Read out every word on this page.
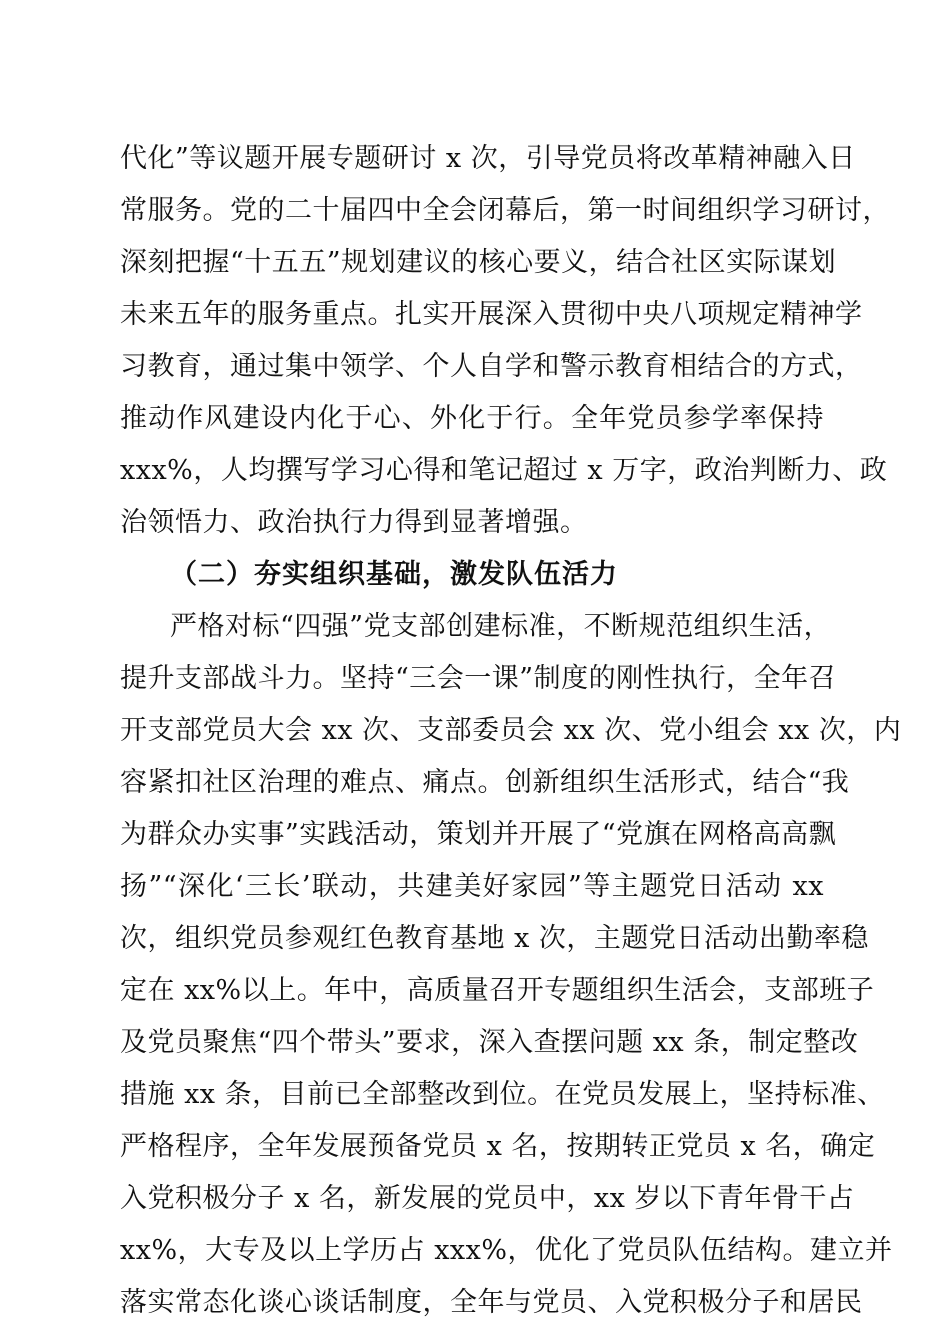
代化”等议题开展专题研讨 x 次，引导党员将改革精神融入日
常服务。党的二十届四中全会闭幕后，第一时间组织学习研讨，
深刻把握“十五五”规划建议的核心要义，结合社区实际谋划
未来五年的服务重点。扎实开展深入贯彻中央八项规定精神学
习教育，通过集中领学、个人自学和警示教育相结合的方式，
推动作风建设内化于心、外化于行。全年党员参学率保持
xxx%，人均撰写学习心得和笔记超过 x 万字，政治判断力、政
治领悟力、政治执行力得到显著增强。
（二）夯实组织基础，激发队伍活力
严格对标“四强”党支部创建标准，不断规范组织生活，
提升支部战斗力。坚持“三会一课”制度的刚性执行，全年召
开支部党员大会 xx 次、支部委员会 xx 次、党小组会 xx 次，内
容紧扣社区治理的难点、痛点。创新组织生活形式，结合“我
为群众办实事”实践活动，策划并开展了“党旗在网格高高飘
扬”“深化‘三长’联动，共建美好家园”等主题党日活动 xx
次，组织党员参观红色教育基地 x 次，主题党日活动出勤率稳
定在 xx%以上。年中，高质量召开专题组织生活会，支部班子
及党员聚焦“四个带头”要求，深入查摆问题 xx 条，制定整改
措施 xx 条，目前已全部整改到位。在党员发展上，坚持标准、
严格程序，全年发展预备党员 x 名，按期转正党员 x 名，确定
入党积极分子 x 名，新发展的党员中，xx 岁以下青年骨干占
xx%，大专及以上学历占 xxx%，优化了党员队伍结构。建立并
落实常态化谈心谈话制度，全年与党员、入党积极分子和居民
